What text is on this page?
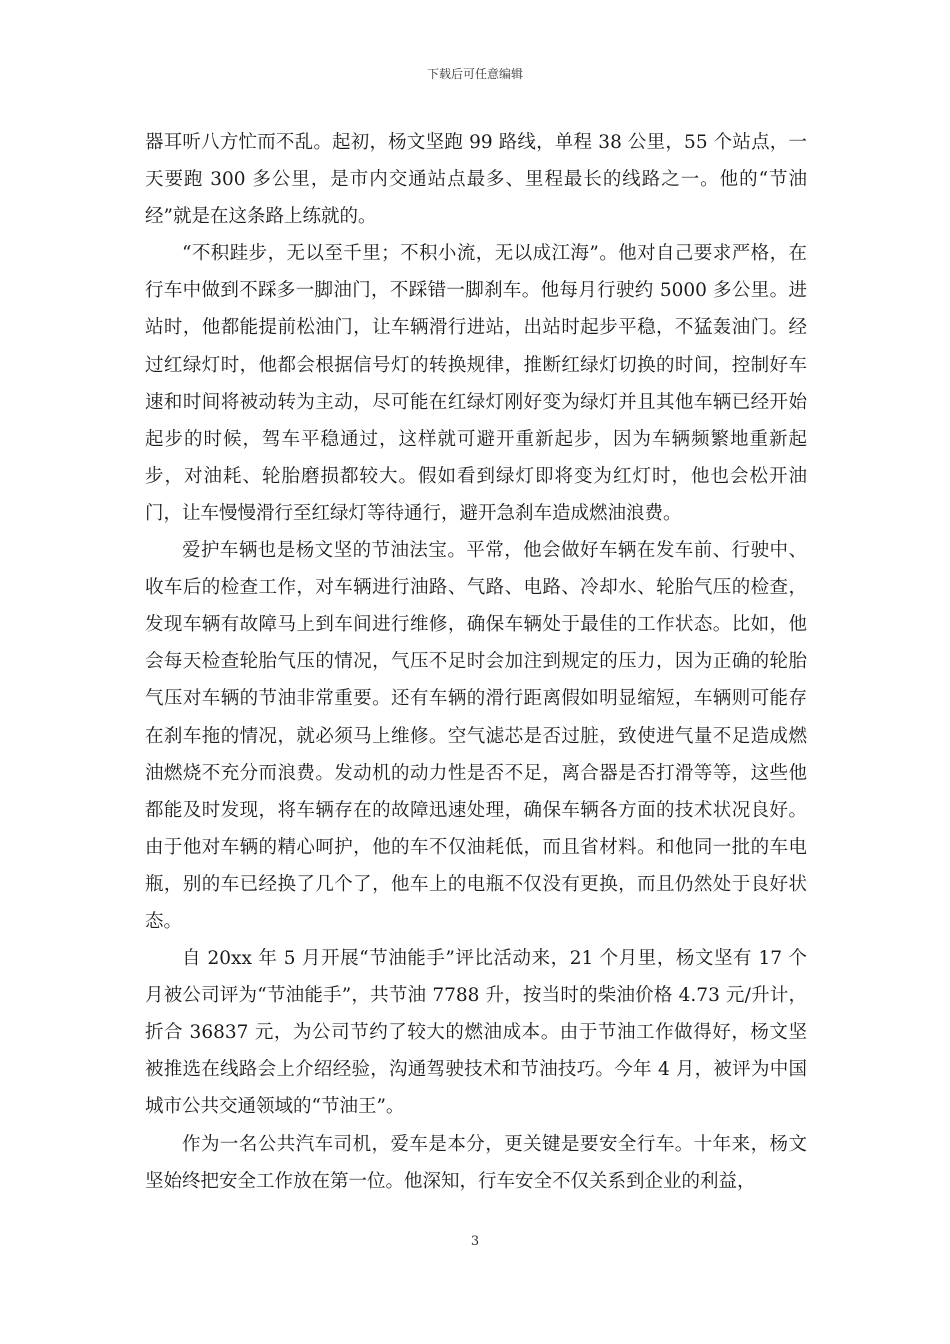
下载后可任意编辑

器耳听八方忙而不乱。起初，杨文坚跑 99 路线，单程 38 公里，55 个站点，一天要跑 300 多公里，是市内交通站点最多、里程最长的线路之一。他的“节油经”就是在这条路上练就的。

“不积跬步，无以至千里；不积小流，无以成江海”。他对自己要求严格，在行车中做到不踩多一脚油门，不踩错一脚刹车。他每月行驶约 5000 多公里。进站时，他都能提前松油门，让车辆滑行进站，出站时起步平稳，不猛轰油门。经过红绿灯时，他都会根据信号灯的转换规律，推断红绿灯切换的时间，控制好车速和时间将被动转为主动，尽可能在红绿灯刚好变为绿灯并且其他车辆已经开始起步的时候，驾车平稳通过，这样就可避开重新起步，因为车辆频繁地重新起步，对油耗、轮胎磨损都较大。假如看到绿灯即将变为红灯时，他也会松开油门，让车慢慢滑行至红绿灯等待通行，避开急刹车造成燃油浪费。

爱护车辆也是杨文坚的节油法宝。平常，他会做好车辆在发车前、行驶中、收车后的检查工作，对车辆进行油路、气路、电路、冷却水、轮胎气压的检查，发现车辆有故障马上到车间进行维修，确保车辆处于最佳的工作状态。比如，他会每天检查轮胎气压的情况，气压不足时会加注到规定的压力，因为正确的轮胎气压对车辆的节油非常重要。还有车辆的滑行距离假如明显缩短，车辆则可能存在刹车拖的情况，就必须马上维修。空气滤芯是否过脏，致使进气量不足造成燃油燃烧不充分而浪费。发动机的动力性是否不足，离合器是否打滑等等，这些他都能及时发现，将车辆存在的故障迅速处理，确保车辆各方面的技术状况良好。由于他对车辆的精心呵护，他的车不仅油耗低，而且省材料。和他同一批的车电瓶，别的车已经换了几个了，他车上的电瓶不仅没有更换，而且仍然处于良好状态。

自 20xx 年 5 月开展“节油能手”评比活动来，21 个月里，杨文坚有 17 个月被公司评为“节油能手”，共节油 7788 升，按当时的柴油价格 4.73 元/升计，折合 36837 元，为公司节约了较大的燃油成本。由于节油工作做得好，杨文坚被推选在线路会上介绍经验，沟通驾驶技术和节油技巧。今年 4 月，被评为中国城市公共交通领域的“节油王”。

作为一名公共汽车司机，爱车是本分，更关键是要安全行车。十年来，杨文坚始终把安全工作放在第一位。他深知，行车安全不仅关系到企业的利益，

3
